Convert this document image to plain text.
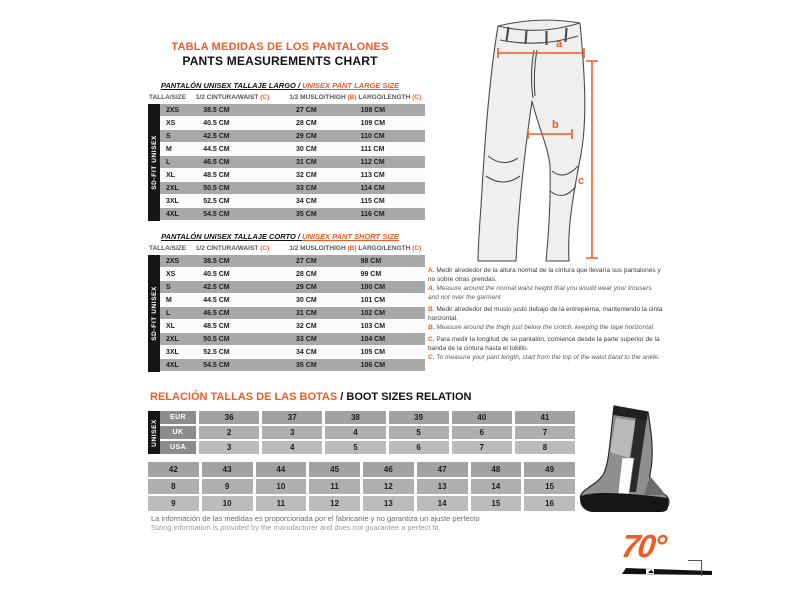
TABLA MEDIDAS DE LOS PANTALONES
PANTS MEASUREMENTS CHART
PANTALÓN UNISEX TALLAJE LARGO / UNISEX PANT LARGE SIZE
TALLA/SIZE	1/2 CINTURA/WAIST (C)	1/2 MUSLO/THIGH (B) LARGO/LENGTH (C)
SD-FIT UNISEX
2XS	38.5 CM	27 CM	108 CM
XS	40.5 CM	28 CM	109 CM
S	42.5 CM	29 CM	110 CM
M	44.5 CM	30 CM	111 CM
L	46.5 CM	31 CM	112 CM
XL	48.5 CM	32 CM	113 CM
2XL	50.5 CM	33 CM	114 CM
3XL	52.5 CM	34 CM	115 CM
4XL	54.5 CM	35 CM	116 CM
PANTALÓN UNISEX TALLAJE CORTO / UNISEX PANT SHORT SIZE
TALLA/SIZE	1/2 CINTURA/WAIST (C)	1/2 MUSLO/THIGH (B) LARGO/LENGTH (C)
SD-FIT UNISEX
2XS	38.5 CM	27 CM	98 CM
XS	40.5 CM	28 CM	99 CM
S	42.5 CM	29 CM	100 CM
M	44.5 CM	30 CM	101 CM
L	46.5 CM	31 CM	102 CM
XL	48.5 CM	32 CM	103 CM
2XL	50.5 CM	33 CM	104 CM
3XL	52.5 CM	34 CM	105 CM
4XL	54.5 CM	35 CM	106 CM
a
b
c
A. Medir alrededor de la altura normal de la cintura que llevaría sus pantalones y no sobre otras prendas.
A. Measure around the normal waist height that you would wear your trousers and not over the garment
B. Medir alrededor del muslo justo debajo de la entrepierna, manteniendo la cinta horizontal.
B. Measure around the thigh just below the crotch, keeping the tape horizontal.
C. Para medir la longitud de su pantalón, comience desde la parte superior de la banda de la cintura hasta el tobillo.
C. To measure your pant length, start from the top of the waist band to the ankle.
RELACIÓN TALLAS DE LAS BOTAS / BOOT SIZES RELATION
UNISEX
EUR	36	37	38	39	40	41
UK	2	3	4	5	6	7
USA	3	4	5	6	7	8
42	43	44	45	46	47	48	49
8	9	10	11	12	13	14	15
9	10	11	12	13	14	15	16
La información de las medidas es proporcionada por el fabricante y no garantiza un ajuste perfecto
Sizing information is provided by the manufacturer and does not guarantee a perfect fit.
70°
